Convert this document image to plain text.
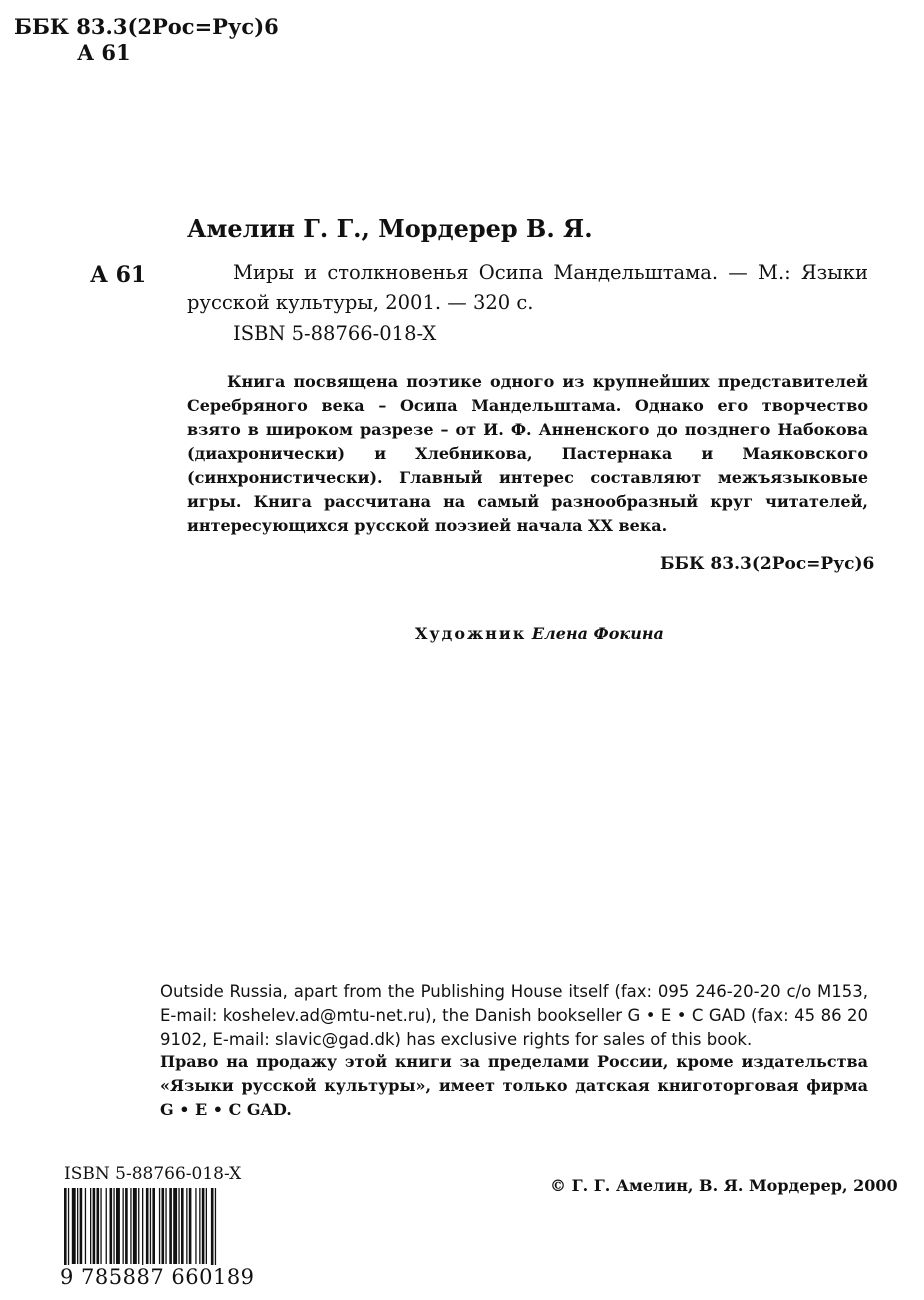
ББК 83.3(2Рос=Рус)6
А 61
Амелин Г. Г., Мордерер В. Я.
А 61	Миры и столкновенья Осипа Мандельштама. — М.: Языки русской культуры, 2001. — 320 с.
ISBN 5-88766-018-X

Книга посвящена поэтике одного из крупнейших представителей Серебряного века – Осипа Мандельштама. Однако его творчество взято в широком разрезе – от И. Ф. Анненского до позднего Набокова (диахронически) и Хлебникова, Пастернака и Маяковского (синхронистически). Главный интерес составляют межъязыковые игры. Книга рассчитана на самый разнообразный круг читателей, интересующихся русской поэзией начала XX века.

ББК 83.3(2Рос=Рус)6
Художник Елена Фокина
Outside Russia, apart from the Publishing House itself (fax: 095 246-20-20 c/o M153, E-mail: koshelev.ad@mtu-net.ru), the Danish bookseller G • E • C GAD (fax: 45 86 20 9102, E-mail: slavic@gad.dk) has exclusive rights for sales of this book.
Право на продажу этой книги за пределами России, кроме издательства «Языки русской культуры», имеет только датская книготорговая фирма G • E • C GAD.
ISBN 5-88766-018-X
© Г. Г. Амелин, В. Я. Мордерер, 2000
9 785887 660189
